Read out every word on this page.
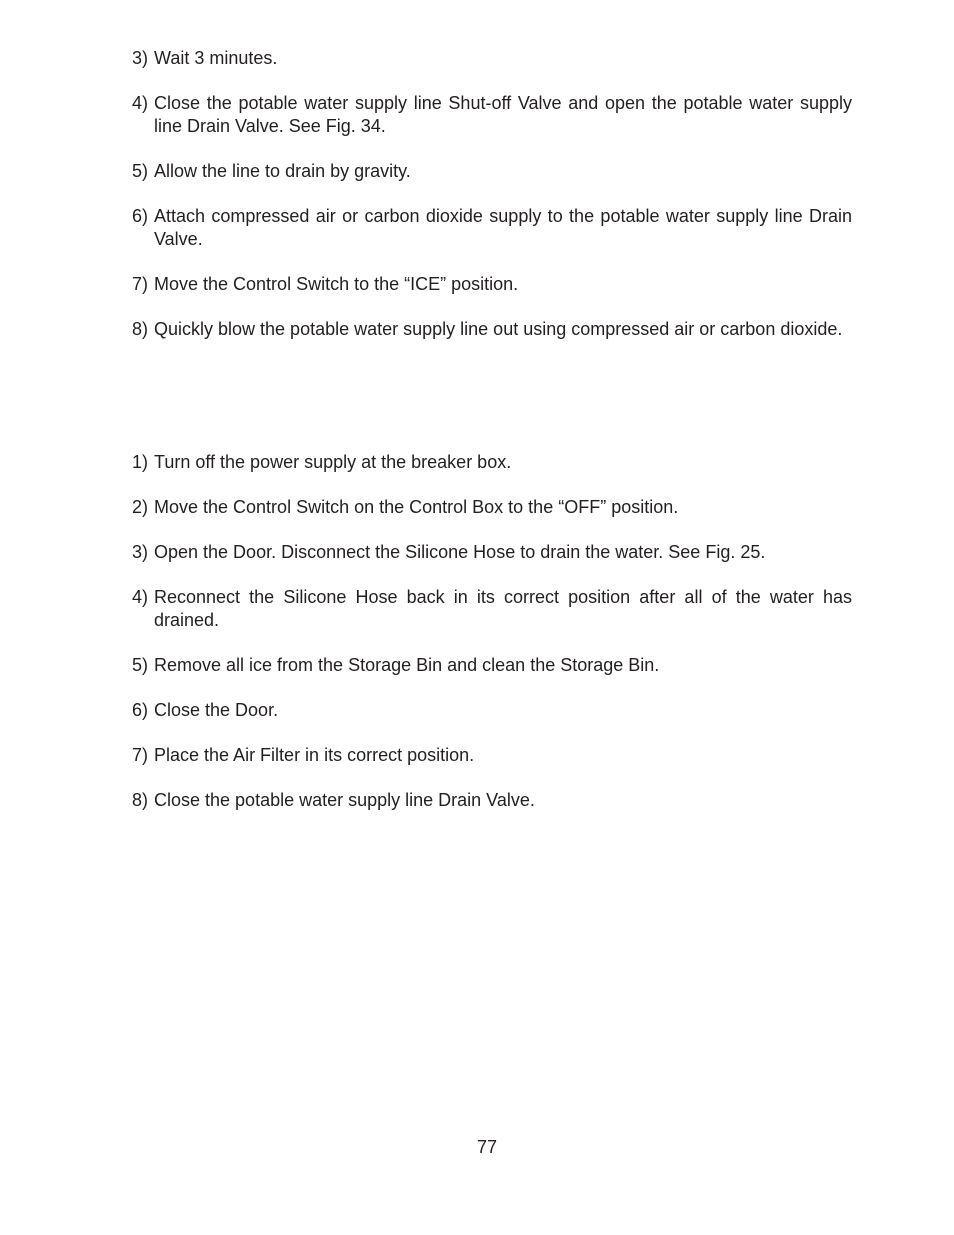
3) Wait 3 minutes.
4) Close the potable water supply line Shut-off Valve and open the potable water supply line Drain Valve. See Fig. 34.
5) Allow the line to drain by gravity.
6) Attach compressed air or carbon dioxide supply to the potable water supply line Drain Valve.
7) Move the Control Switch to the “ICE” position.
8) Quickly blow the potable water supply line out using compressed air or carbon dioxide.
1) Turn off the power supply at the breaker box.
2) Move the Control Switch on the Control Box to the “OFF” position.
3) Open the Door. Disconnect the Silicone Hose to drain the water. See Fig. 25.
4) Reconnect the Silicone Hose back in its correct position after all of the water has drained.
5) Remove all ice from the Storage Bin and clean the Storage Bin.
6) Close the Door.
7) Place the Air Filter in its correct position.
8) Close the potable water supply line Drain Valve.
77
